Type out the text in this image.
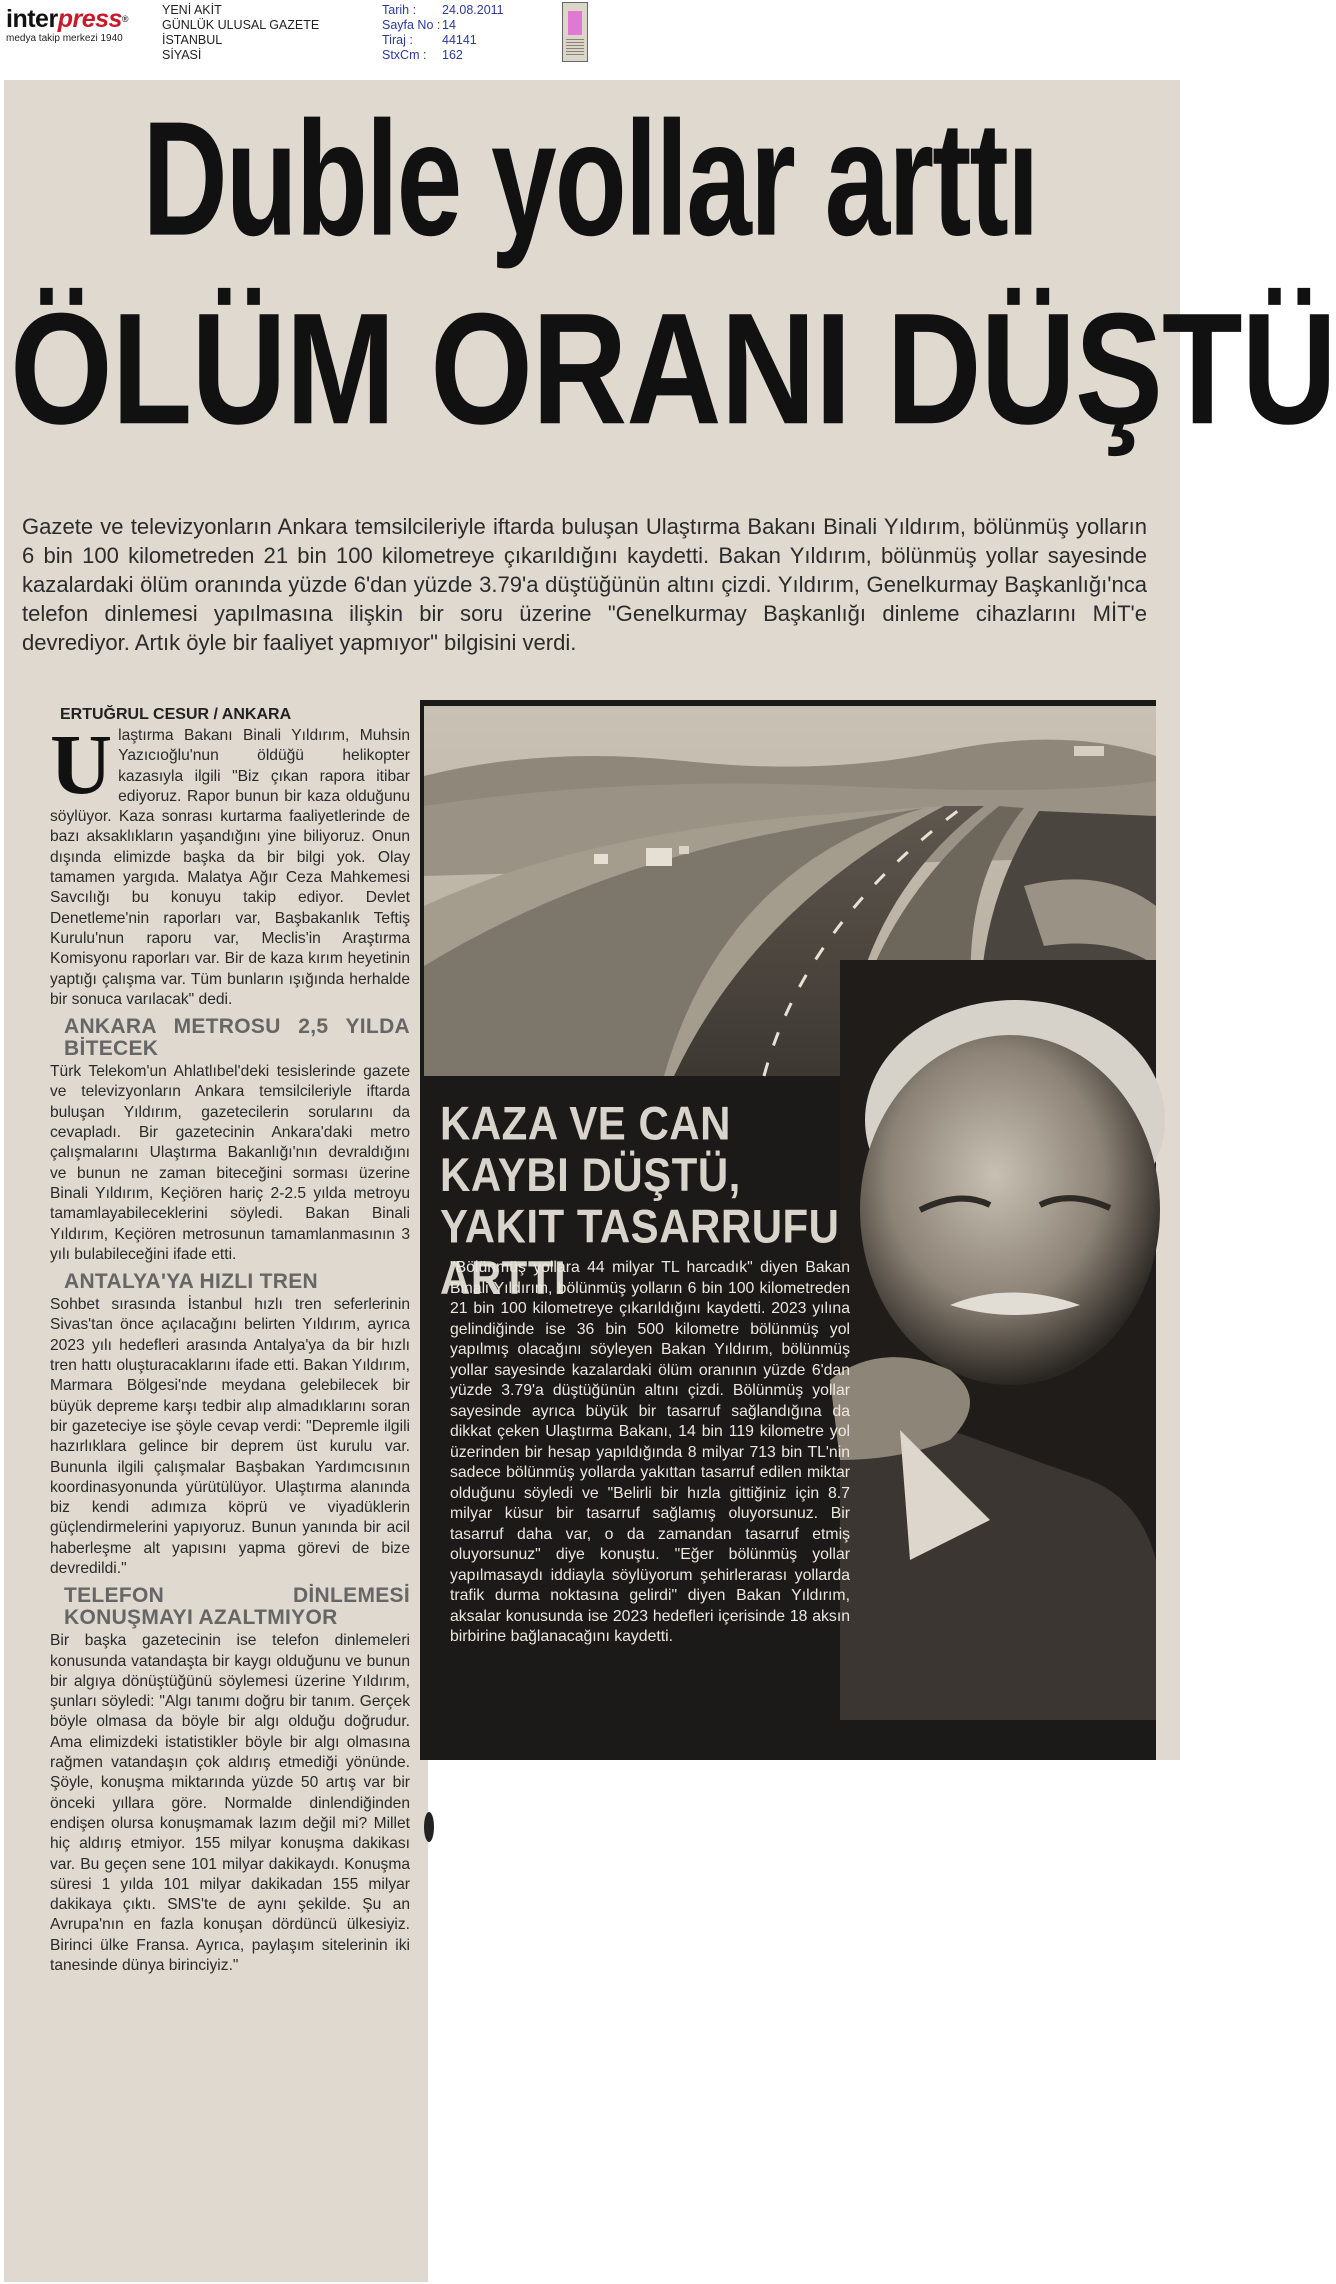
interpress®
medya takip merkezi 1940
YENİ AKİT
GÜNLÜK ULUSAL GAZETE
İSTANBUL
SİYASİ
Tarih :	24.08.2011
Sayfa No : 14
Tiraj :	44141
StxCm :	162
Duble yollar arttı
ÖLÜM ORANI DÜŞTÜ
Gazete ve televizyonların Ankara temsilcileriyle iftarda buluşan Ulaştırma Bakanı Binali Yıldırım, bölünmüş yolların 6 bin 100 kilometreden 21 bin 100 kilometreye çıkarıldığını kaydetti. Bakan Yıldırım, bölünmüş yollar sayesinde kazalardaki ölüm oranında yüzde 6'dan yüzde 3.79'a düştüğünün altını çizdi. Yıldırım, Genelkurmay Başkanlığı'nca telefon dinlemesi yapılmasına ilişkin bir soru üzerine "Genelkurmay Başkanlığı dinleme cihazlarını MİT'e devrediyor. Artık öyle bir faaliyet yapmıyor" bilgisini verdi.
ERTUĞRUL CESUR / ANKARA

Ulaştırma Bakanı Binali Yıldırım, Muhsin Yazıcıoğlu'nun öldüğü helikopter kazasıyla ilgili "Biz çıkan rapora itibar ediyoruz. Rapor bunun bir kaza olduğunu söylüyor. Kaza sonrası kurtarma faaliyetlerinde de bazı aksaklıkların yaşandığını yine biliyoruz. Onun dışında elimizde başka da bir bilgi yok. Olay tamamen yargıda. Malatya Ağır Ceza Mahkemesi Savcılığı bu konuyu takip ediyor. Devlet Denetleme'nin raporları var, Başbakanlık Teftiş Kurulu'nun raporu var, Meclis'in Araştırma Komisyonu raporları var. Bir de kaza kırım heyetinin yaptığı çalışma var. Tüm bunların ışığında herhalde bir sonuca varılacak" dedi.

ANKARA METROSU 2,5 YILDA BİTECEK

Türk Telekom'un Ahlatlıbel'deki tesislerinde gazete ve televizyonların Ankara temsilcileriyle iftarda buluşan Yıldırım, gazetecilerin sorularını da cevapladı. Bir gazetecinin Ankara'daki metro çalışmalarını Ulaştırma Bakanlığı'nın devraldığını ve bunun ne zaman biteceğini sorması üzerine Binali Yıldırım, Keçiören hariç 2-2.5 yılda metroyu tamamlayabileceklerini söyledi. Bakan Binali Yıldırım, Keçiören metrosunun tamamlanmasının 3 yılı bulabileceğini ifade etti.

ANTALYA'YA HIZLI TREN

Sohbet sırasında İstanbul hızlı tren seferlerinin Sivas'tan önce açılacağını belirten Yıldırım, ayrıca 2023 yılı hedefleri arasında Antalya'ya da bir hızlı tren hattı oluşturacaklarını ifade etti. Bakan Yıldırım, Marmara Bölgesi'nde meydana gelebilecek bir büyük depreme karşı tedbir alıp almadıklarını soran bir gazeteciye ise şöyle cevap verdi: "Depremle ilgili hazırlıklara gelince bir deprem üst kurulu var. Bununla ilgili çalışmalar Başbakan Yardımcısının koordinasyonunda yürütülüyor. Ulaştırma alanında biz kendi adımıza köprü ve viyadüklerin güçlendirmelerini yapıyoruz. Bunun yanında bir acil haberleşme alt yapısını yapma görevi de bize devredildi."

TELEFON DİNLEMESİ KONUŞMAYI AZALTMIYOR

Bir başka gazetecinin ise telefon dinlemeleri konusunda vatandaşta bir kaygı olduğunu ve bunun bir algıya dönüştüğünü söylemesi üzerine Yıldırım, şunları söyledi: "Algı tanımı doğru bir tanım. Gerçek böyle olmasa da böyle bir algı olduğu doğrudur. Ama elimizdeki istatistikler böyle bir algı olmasına rağmen vatandaşın çok aldırış etmediği yönünde. Şöyle, konuşma miktarında yüzde 50 artış var bir önceki yıllara göre. Normalde dinlendiğinden endişen olursa konuşmamak lazım değil mi? Millet hiç aldırış etmiyor. 155 milyar konuşma dakikası var. Bu geçen sene 101 milyar dakikaydı. Konuşma süresi 1 yılda 101 milyar dakikadan 155 milyar dakikaya çıktı. SMS'te de aynı şekilde. Şu an Avrupa'nın en fazla konuşan dördüncü ülkesiyiz. Birinci ülke Fransa. Ayrıca, paylaşım sitelerinin iki tanesinde dünya birinciyiz."

KAZA VE CAN KAYBI DÜŞTÜ, YAKIT TASARRUFU ARTTI
"Bölünmüş yollara 44 milyar TL harcadık" diyen Bakan Binali Yıldırım, bölünmüş yolların 6 bin 100 kilometreden 21 bin 100 kilometreye çıkarıldığını kaydetti. 2023 yılına gelindiğinde ise 36 bin 500 kilometre bölünmüş yol yapılmış olacağını söyleyen Bakan Yıldırım, bölünmüş yollar sayesinde kazalardaki ölüm oranının yüzde 6'dan yüzde 3.79'a düştüğünün altını çizdi. Bölünmüş yollar sayesinde ayrıca büyük bir tasarruf sağlandığına da dikkat çeken Ulaştırma Bakanı, 14 bin 119 kilometre yol üzerinden bir hesap yapıldığında 8 milyar 713 bin TL'nin sadece bölünmüş yollarda yakıttan tasarruf edilen miktar olduğunu söyledi ve "Belirli bir hızla gittiğiniz için 8.7 milyar küsur bir tasarruf sağlamış oluyorsunuz. Bir tasarruf daha var, o da zamandan tasarruf etmiş oluyorsunuz" diye konuştu. "Eğer bölünmüş yollar yapılmasaydı iddiayla söylüyorum şehirlerarası yollarda trafik durma noktasına gelirdi" diyen Bakan Yıldırım, aksalar konusunda ise 2023 hedefleri içerisinde 18 aksın birbirine bağlanacağını kaydetti.
